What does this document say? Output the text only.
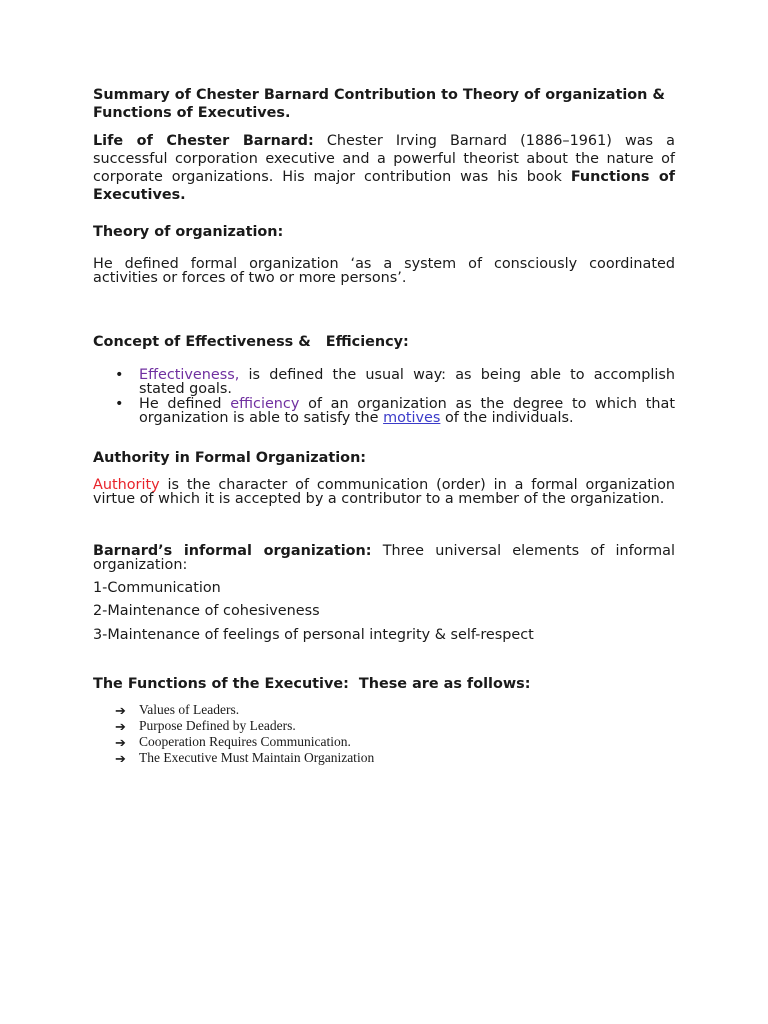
Summary of Chester Barnard Contribution to Theory of organization & Functions of Executives.
Life of Chester Barnard: Chester Irving Barnard (1886–1961) was a successful corporation executive and a powerful theorist about the nature of corporate organizations. His major contribution was his book Functions of Executives.
Theory of organization:
He defined formal organization ‘as a system of consciously coordinated activities or forces of two or more persons’.
Concept of Effectiveness &   Efficiency:
• Effectiveness, is defined the usual way: as being able to accomplish stated goals.
• He defined efficiency of an organization as the degree to which that organization is able to satisfy the motives of the individuals.
Authority in Formal Organization:
Authority is the character of communication (order) in a formal organization virtue of which it is accepted by a contributor to a member of the organization.
Barnard’s informal organization: Three universal elements of informal organization:
1-Communication
2-Maintenance of cohesiveness
3-Maintenance of feelings of personal integrity & self-respect
The Functions of the Executive:  These are as follows:
➔ Values of Leaders.
➔ Purpose Defined by Leaders.
➔ Cooperation Requires Communication.
➔ The Executive Must Maintain Organization
